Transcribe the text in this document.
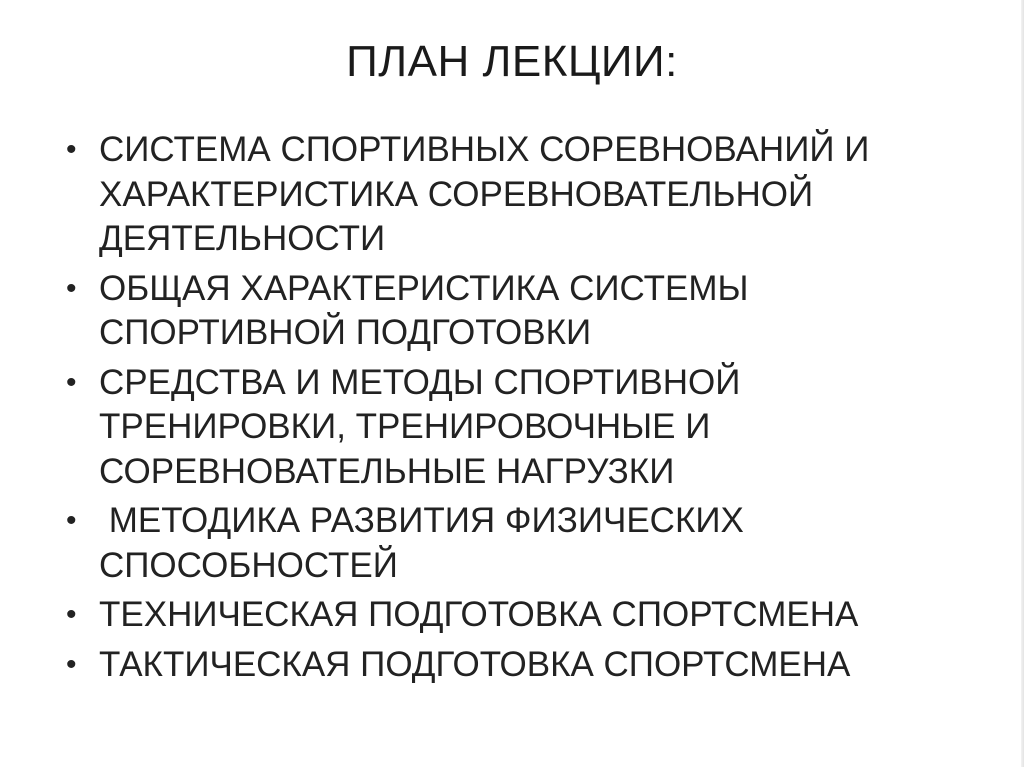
ПЛАН ЛЕКЦИИ:
• СИСТЕМА СПОРТИВНЫХ СОРЕВНОВАНИЙ И
ХАРАКТЕРИСТИКА СОРЕВНОВАТЕЛЬНОЙ
ДЕЯТЕЛЬНОСТИ
• ОБЩАЯ ХАРАКТЕРИСТИКА СИСТЕМЫ
СПОРТИВНОЙ ПОДГОТОВКИ
• СРЕДСТВА И МЕТОДЫ СПОРТИВНОЙ
ТРЕНИРОВКИ, ТРЕНИРОВОЧНЫЕ И
СОРЕВНОВАТЕЛЬНЫЕ НАГРУЗКИ
• МЕТОДИКА РАЗВИТИЯ ФИЗИЧЕСКИХ
СПОСОБНОСТЕЙ
• ТЕХНИЧЕСКАЯ ПОДГОТОВКА СПОРТСМЕНА
• ТАКТИЧЕСКАЯ ПОДГОТОВКА СПОРТСМЕНА
